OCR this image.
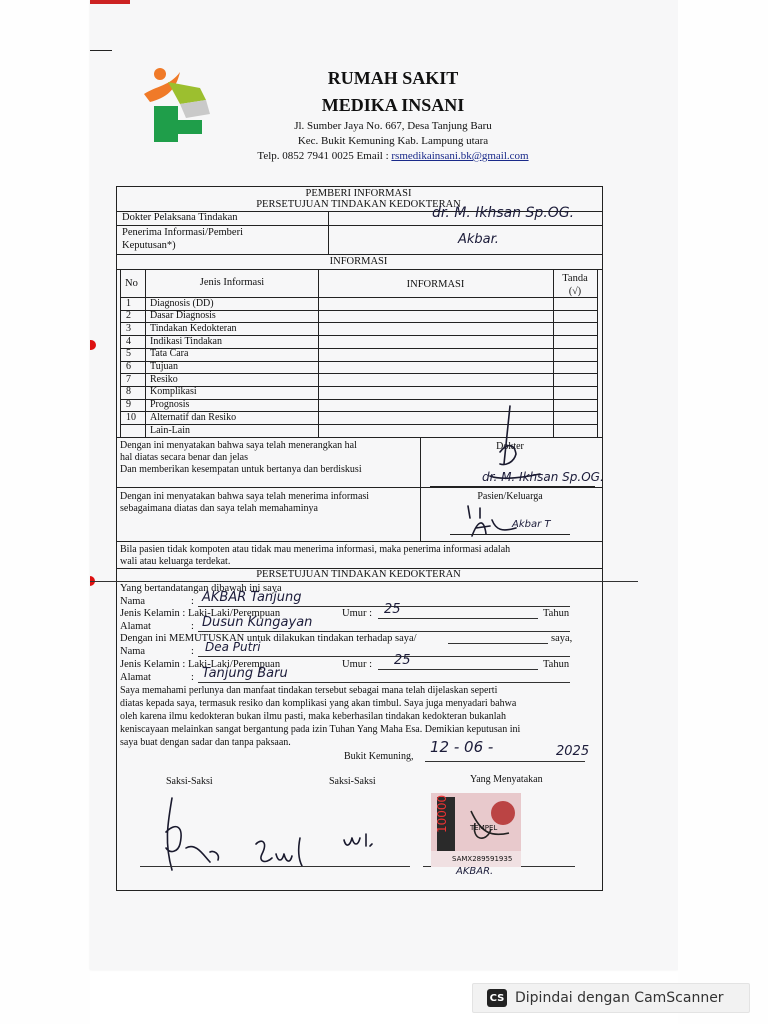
RUMAH SAKIT
MEDIKA INSANI
Jl. Sumber Jaya No. 667, Desa Tanjung Baru
Kec. Bukit Kemuning Kab. Lampung utara
Telp. 0852 7941 0025 Email : rsmedikainsani.bk@gmail.com
PEMBERI INFORMASI
PERSETUJUAN TINDAKAN KEDOKTERAN
Dokter Pelaksana Tindakan	dr. M. Ikhsan Sp.OG.
Penerima Informasi/Pemberi
Keputusan*)	Akbar.
INFORMASI
No	Jenis Informasi	INFORMASI
Tanda
(√)
1 Diagnosis (DD)
2 Dasar Diagnosis
3 Tindakan Kedokteran
4 Indikasi Tindakan
5 Tata Cara
6 Tujuan
7 Resiko
8 Komplikasi
9 Prognosis
10 Alternatif dan Resiko
Lain-Lain
Dengan ini menyatakan bahwa saya telah menerangkan hal
hal diatas secara benar dan jelas
Dan memberikan kesempatan untuk bertanya dan berdiskusi
Dokter
dr. M. Ikhsan Sp.OG.
Dengan ini menyatakan bahwa saya telah menerima informasi
sebagaimana diatas dan saya telah memahaminya
Pasien/Keluarga
Akbar T
Bila pasien tidak kompoten atau tidak mau menerima informasi, maka penerima informasi adalah
wali atau keluarga terdekat.
PERSETUJUAN TINDAKAN KEDOKTERAN
Yang bertandatangan dibawah ini saya
Nama	: AKBAR Tanjung
Jenis Kelamin : Laki-Laki/Perempuan	Umur : 25	Tahun
Alamat	: Dusun Kungayan
Dengan ini MEMUTUSKAN untuk dilakukan tindakan terhadap saya/	saya,
Nama	: Dea Putri
Jenis Kelamin : Laki-Laki/Perempuan	Umur : 25	Tahun
Alamat	: Tanjung Baru
Saya memahami perlunya dan manfaat tindakan tersebut sebagai mana telah dijelaskan seperti
diatas kepada saya, termasuk resiko dan komplikasi yang akan timbul. Saya juga menyadari bahwa
oleh karena ilmu kedokteran bukan ilmu pasti, maka keberhasilan tindakan kedokteran bukanlah
keniscayaan melainkan sangat bergantung pada izin Tuhan Yang Maha Esa. Demikian keputusan ini
saya buat dengan sadar dan tanpa paksaan.
Bukit Kemuning,
12 - 06 -	2025
Saksi-Saksi	Saksi-Saksi	Yang Menyatakan
10000	TEMPEL
SAMX289591935
AKBAR.
CS Dipindai dengan CamScanner
